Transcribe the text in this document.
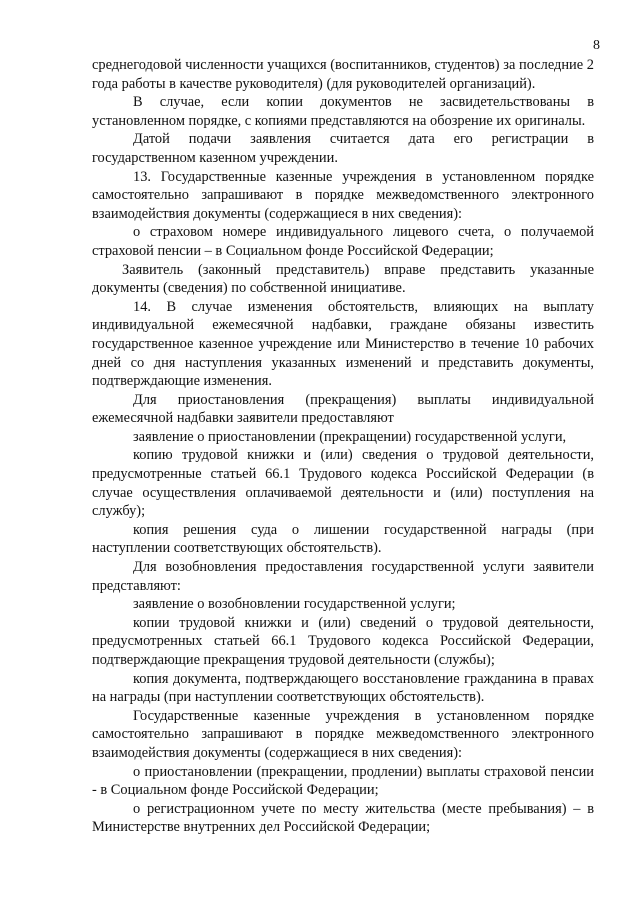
8

среднегодовой численности учащихся (воспитанников, студентов) за последние 2 года работы в качестве руководителя) (для руководителей организаций).

В случае, если копии документов не засвидетельствованы в установленном порядке, с копиями представляются на обозрение их оригиналы.

Датой подачи заявления считается дата его регистрации в государственном казенном учреждении.

13. Государственные казенные учреждения в установленном порядке самостоятельно запрашивают в порядке межведомственного электронного взаимодействия документы (содержащиеся в них сведения):

о страховом номере индивидуального лицевого счета, о получаемой страховой пенсии – в Социальном фонде Российской Федерации;

Заявитель (законный представитель) вправе представить указанные документы (сведения) по собственной инициативе.

14. В случае изменения обстоятельств, влияющих на выплату индивидуальной ежемесячной надбавки, граждане обязаны известить государственное казенное учреждение или Министерство в течение 10 рабочих дней со дня наступления указанных изменений и представить документы, подтверждающие изменения.

Для приостановления (прекращения) выплаты индивидуальной ежемесячной надбавки заявители предоставляют

заявление о приостановлении (прекращении) государственной услуги,

копию трудовой книжки и (или) сведения о трудовой деятельности, предусмотренные статьей 66.1 Трудового кодекса Российской Федерации (в случае осуществления оплачиваемой деятельности и (или) поступления на службу);

копия решения суда о лишении государственной награды (при наступлении соответствующих обстоятельств).

Для возобновления предоставления государственной услуги заявители представляют:

заявление о возобновлении государственной услуги;

копии трудовой книжки и (или) сведений о трудовой деятельности, предусмотренных статьей 66.1 Трудового кодекса Российской Федерации, подтверждающие прекращения трудовой деятельности (службы);

копия документа, подтверждающего восстановление гражданина в правах на награды (при наступлении соответствующих обстоятельств).

Государственные казенные учреждения в установленном порядке самостоятельно запрашивают в порядке межведомственного электронного взаимодействия документы (содержащиеся в них сведения):

о приостановлении (прекращении, продлении) выплаты страховой пенсии - в Социальном фонде Российской Федерации;

о регистрационном учете по месту жительства (месте пребывания) – в Министерстве внутренних дел Российской Федерации;
